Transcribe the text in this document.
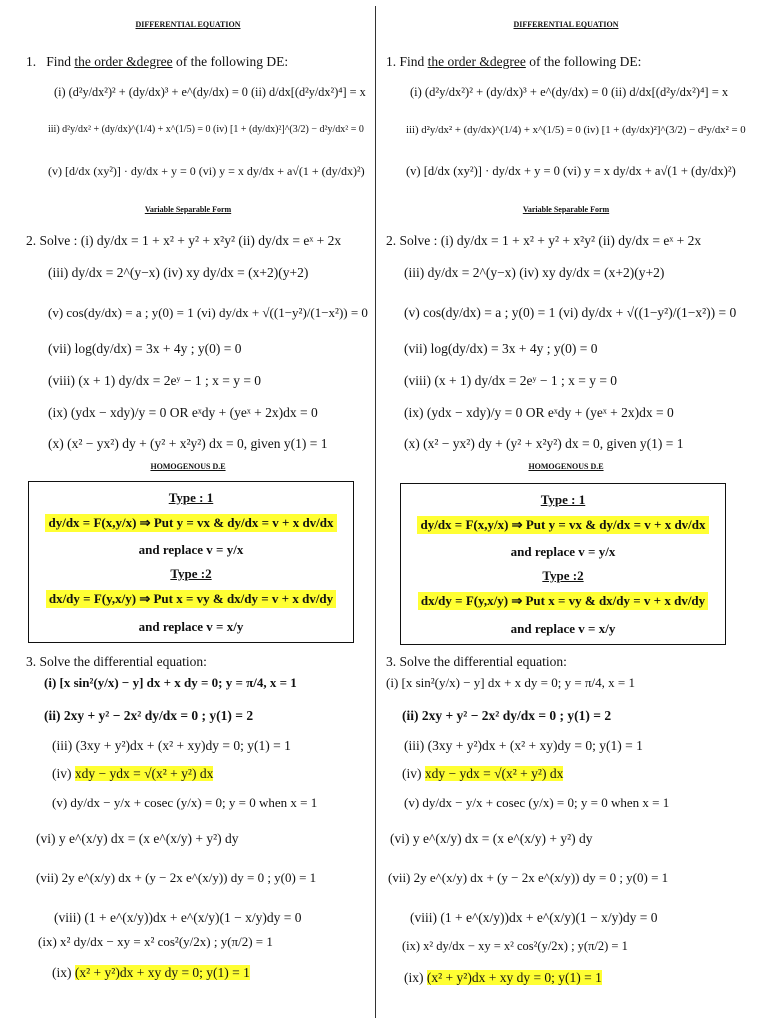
DIFFERENTIAL EQUATION
1. Find the order &degree of the following DE:
(i) (d²y/dx²)² + (dy/dx)³ + e^(dy/dx) = 0 (ii) d/dx[(d²y/dx²)⁴] = x
iii) d²y/dx² + (dy/dx)^(1/4) + x^(1/5) = 0 (iv) [1 + (dy/dx)²]^(3/2) − d²y/dx² = 0
(v) [d/dx (xy²)] · dy/dx + y = 0 (vi) y = x dy/dx + a√(1 + (dy/dx)²)
Variable Separable Form
2. Solve : (i) dy/dx = 1 + x² + y² + x²y² (ii) dy/dx = eˣ + 2x
(iii) dy/dx = 2^(y−x) (iv) xy dy/dx = (x+2)(y+2)
(v) cos(dy/dx) = a ; y(0) = 1 (vi) dy/dx + √((1−y²)/(1−x²)) = 0
(vii) log(dy/dx) = 3x + 4y ; y(0) = 0
(viii) (x + 1) dy/dx = 2eʸ − 1 ; x = y = 0
(ix) (ydx − xdy)/y = 0 OR eˣdy + (yeˣ + 2x)dx = 0
(x) (x² − yx²) dy + (y² + x²y²) dx = 0, given y(1) = 1
HOMOGENOUS D.E
Type : 1
dy/dx = F(x,y/x) ⇒ Put y = vx & dy/dx = v + x dv/dx
and replace v = y/x
Type :2
dx/dy = F(y,x/y) ⇒ Put x = vy & dx/dy = v + x dv/dy
and replace v = x/y
3. Solve the differential equation:
(i) [x sin²(y/x) − y] dx + x dy = 0; y = π/4, x = 1
(ii) 2xy + y² − 2x² dy/dx = 0 ; y(1) = 2
(iii) (3xy + y²)dx + (x² + xy)dy = 0; y(1) = 1
(iv) xdy − ydx = √(x² + y²) dx
(v) dy/dx − y/x + cosec (y/x) = 0; y = 0 when x = 1
(vi) y e^(x/y) dx = (x e^(x/y) + y²) dy
(vii) 2y e^(x/y) dx + (y − 2x e^(x/y)) dy = 0 ; y(0) = 1
(viii) (1 + e^(x/y))dx + e^(x/y)(1 − x/y)dy = 0
(ix) x² dy/dx − xy = x² cos²(y/2x) ; y(π/2) = 1
(ix) (x² + y²)dx + xy dy = 0; y(1) = 1
DIFFERENTIAL EQUATION
1. Find the order &degree of the following DE:
(i) (d²y/dx²)² + (dy/dx)³ + e^(dy/dx) = 0 (ii) d/dx[(d²y/dx²)⁴] = x
iii) d²y/dx² + (dy/dx)^(1/4) + x^(1/5) = 0 (iv) [1 + (dy/dx)²]^(3/2) − d²y/dx² = 0
(v) [d/dx (xy²)] · dy/dx + y = 0 (vi) y = x dy/dx + a√(1 + (dy/dx)²)
Variable Separable Form
2. Solve : (i) dy/dx = 1 + x² + y² + x²y² (ii) dy/dx = eˣ + 2x
(iii) dy/dx = 2^(y−x) (iv) xy dy/dx = (x+2)(y+2)
(v) cos(dy/dx) = a ; y(0) = 1 (vi) dy/dx + √((1−y²)/(1−x²)) = 0
(vii) log(dy/dx) = 3x + 4y ; y(0) = 0
(viii) (x + 1) dy/dx = 2eʸ − 1 ; x = y = 0
(ix) (ydx − xdy)/y = 0 OR eˣdy + (yeˣ + 2x)dx = 0
(x) (x² − yx²) dy + (y² + x²y²) dx = 0, given y(1) = 1
HOMOGENOUS D.E
Type : 1
dy/dx = F(x,y/x) ⇒ Put y = vx & dy/dx = v + x dv/dx
and replace v = y/x
Type :2
dx/dy = F(y,x/y) ⇒ Put x = vy & dx/dy = v + x dv/dy
and replace v = x/y
3. Solve the differential equation:
(i) [x sin²(y/x) − y] dx + x dy = 0; y = π/4, x = 1
(ii) 2xy + y² − 2x² dy/dx = 0 ; y(1) = 2
(iii) (3xy + y²)dx + (x² + xy)dy = 0; y(1) = 1
(iv) xdy − ydx = √(x² + y²) dx
(v) dy/dx − y/x + cosec (y/x) = 0; y = 0 when x = 1
(vi) y e^(x/y) dx = (x e^(x/y) + y²) dy
(vii) 2y e^(x/y) dx + (y − 2x e^(x/y)) dy = 0 ; y(0) = 1
(viii) (1 + e^(x/y))dx + e^(x/y)(1 − x/y)dy = 0
(ix) x² dy/dx − xy = x² cos²(y/2x) ; y(π/2) = 1
(ix) (x² + y²)dx + xy dy = 0; y(1) = 1
